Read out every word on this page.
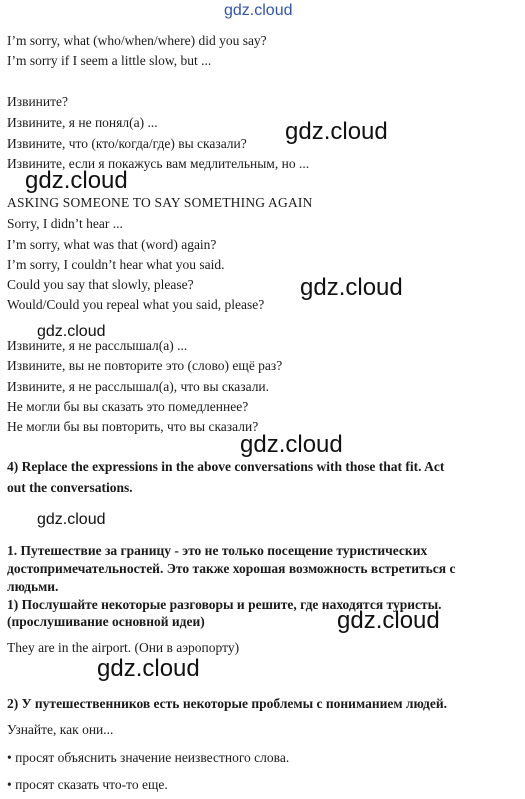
gdz.cloud
I’m sorry, what (who/when/where) did you say?
I’m sorry if I seem a little slow, but ...
Извините?
Извините, я не понял(а) ...
Извините, что (кто/когда/где) вы сказали?
Извините, если я покажусь вам медлительным, но ...
ASKING SOMEONE TO SAY SOMETHING AGAIN
Sorry, I didn’t hear ...
I’m sorry, what was that (word) again?
I’m sorry, I couldn’t hear what you said.
Could you say that slowly, please?
Would/Could you repeal what you said, please?
Извините, я не расслышал(а) ...
Извините, вы не повторите это (слово) ещё раз?
Извините, я не расслышал(а), что вы сказали.
Не могли бы вы сказать это помедленнее?
Не могли бы вы повторить, что вы сказали?
4) Replace the expressions in the above conversations with those that fit. Act
out the conversations.
1. Путешествие за границу - это не только посещение туристических
достопримечательностей. Это также хорошая возможность встретиться с
людьми.
1) Послушайте некоторые разговоры и решите, где находятся туристы.
(прослушивание основной идеи)
They are in the airport. (Они в аэропорту)
2) У путешественников есть некоторые проблемы с пониманием людей.
Узнайте, как они...
• просят объяснить значение неизвестного слова.
• просят сказать что-то еще.
gdz.cloud
gdz.cloud
gdz.cloud
gdz.cloud
gdz.cloud
gdz.cloud
gdz.cloud
gdz.cloud
